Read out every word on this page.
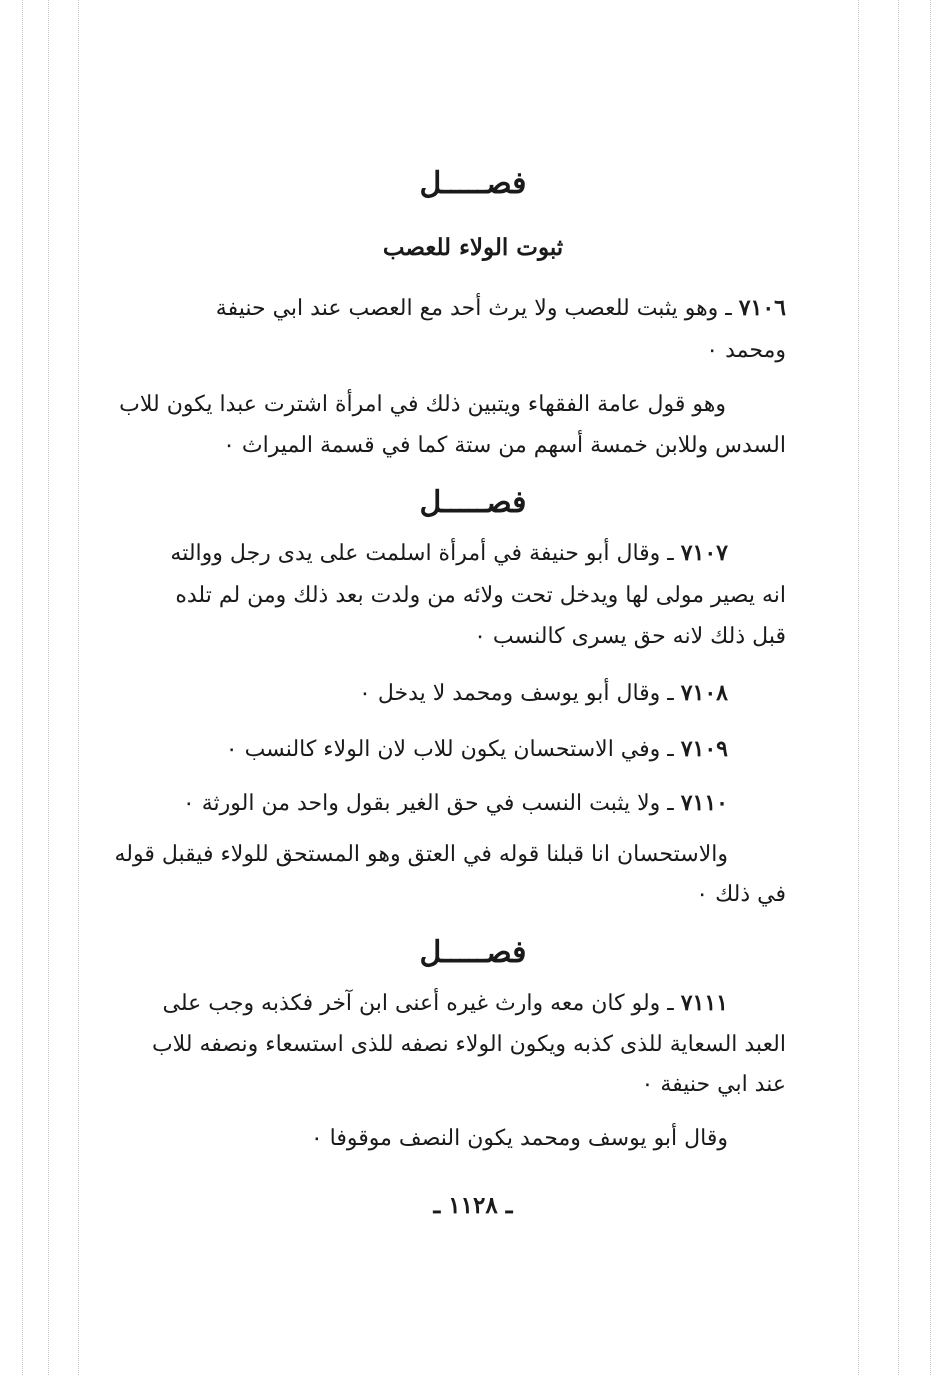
فصـــــل
ثبوت الولاء للعصب
٧١٠٦ ـ وهو يثبت للعصب ولا يرث أحد مع العصب عند ابي حنيفة
ومحمد ٠
وهو قول عامة الفقهاء ويتبين ذلك في امرأة اشترت عبدا يكون للاب
السدس وللابن خمسة أسهم من ستة كما في قسمة الميراث ٠
فصـــــل
٧١٠٧ ـ وقال أبو حنيفة في أمرأة اسلمت على يدى رجل ووالته
انه يصير مولى لها ويدخل تحت ولائه من ولدت بعد ذلك ومن لم تلده
قبل ذلك لانه حق يسرى كالنسب ٠
٧١٠٨ ـ وقال أبو يوسف ومحمد لا يدخل ٠
٧١٠٩ ـ وفي الاستحسان يكون للاب لان الولاء كالنسب ٠
٧١١٠ ـ ولا يثبت النسب في حق الغير بقول واحد من الورثة ٠
والاستحسان انا قبلنا قوله في العتق وهو المستحق للولاء فيقبل قوله
في ذلك ٠
فصـــــل
٧١١١ ـ ولو كان معه وارث غيره أعنى ابن آخر فكذبه وجب على
العبد السعاية للذى كذبه ويكون الولاء نصفه للذى استسعاء ونصفه للاب
عند ابي حنيفة ٠
وقال أبو يوسف ومحمد يكون النصف موقوفا ٠
ـ ١١٢٨ ـ
